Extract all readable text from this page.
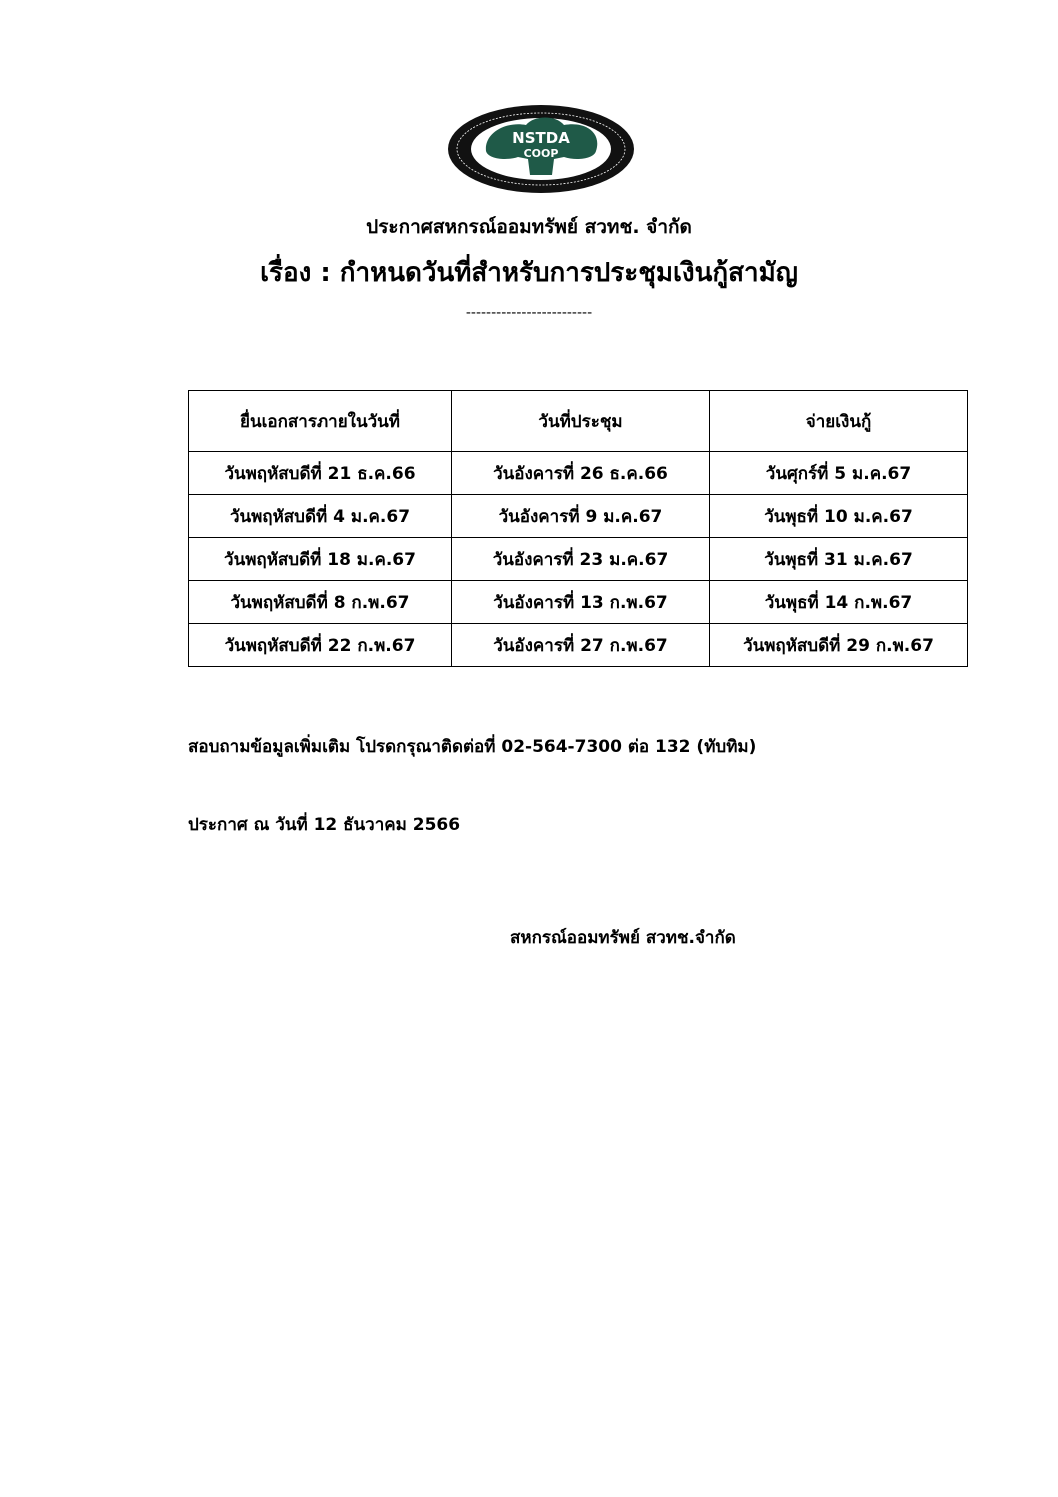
NSTDA
COOP
ประกาศสหกรณ์ออมทรัพย์ สวทช. จำกัด
เรื่อง : กำหนดวันที่สำหรับการประชุมเงินกู้สามัญ
-------------------------
ยื่นเอกสารภายในวันที่	วันที่ประชุม	จ่ายเงินกู้
วันพฤหัสบดีที่ 21 ธ.ค.66	วันอังคารที่ 26 ธ.ค.66	วันศุกร์ที่ 5 ม.ค.67
วันพฤหัสบดีที่ 4 ม.ค.67	วันอังคารที่ 9 ม.ค.67	วันพุธที่ 10 ม.ค.67
วันพฤหัสบดีที่ 18 ม.ค.67	วันอังคารที่ 23 ม.ค.67	วันพุธที่ 31 ม.ค.67
วันพฤหัสบดีที่ 8 ก.พ.67	วันอังคารที่ 13 ก.พ.67	วันพุธที่ 14 ก.พ.67
วันพฤหัสบดีที่ 22 ก.พ.67	วันอังคารที่ 27 ก.พ.67	วันพฤหัสบดีที่ 29 ก.พ.67
สอบถามข้อมูลเพิ่มเติม โปรดกรุณาติดต่อที่ 02-564-7300 ต่อ 132 (ทับทิม)
ประกาศ ณ วันที่ 12 ธันวาคม 2566
สหกรณ์ออมทรัพย์ สวทช.จำกัด
